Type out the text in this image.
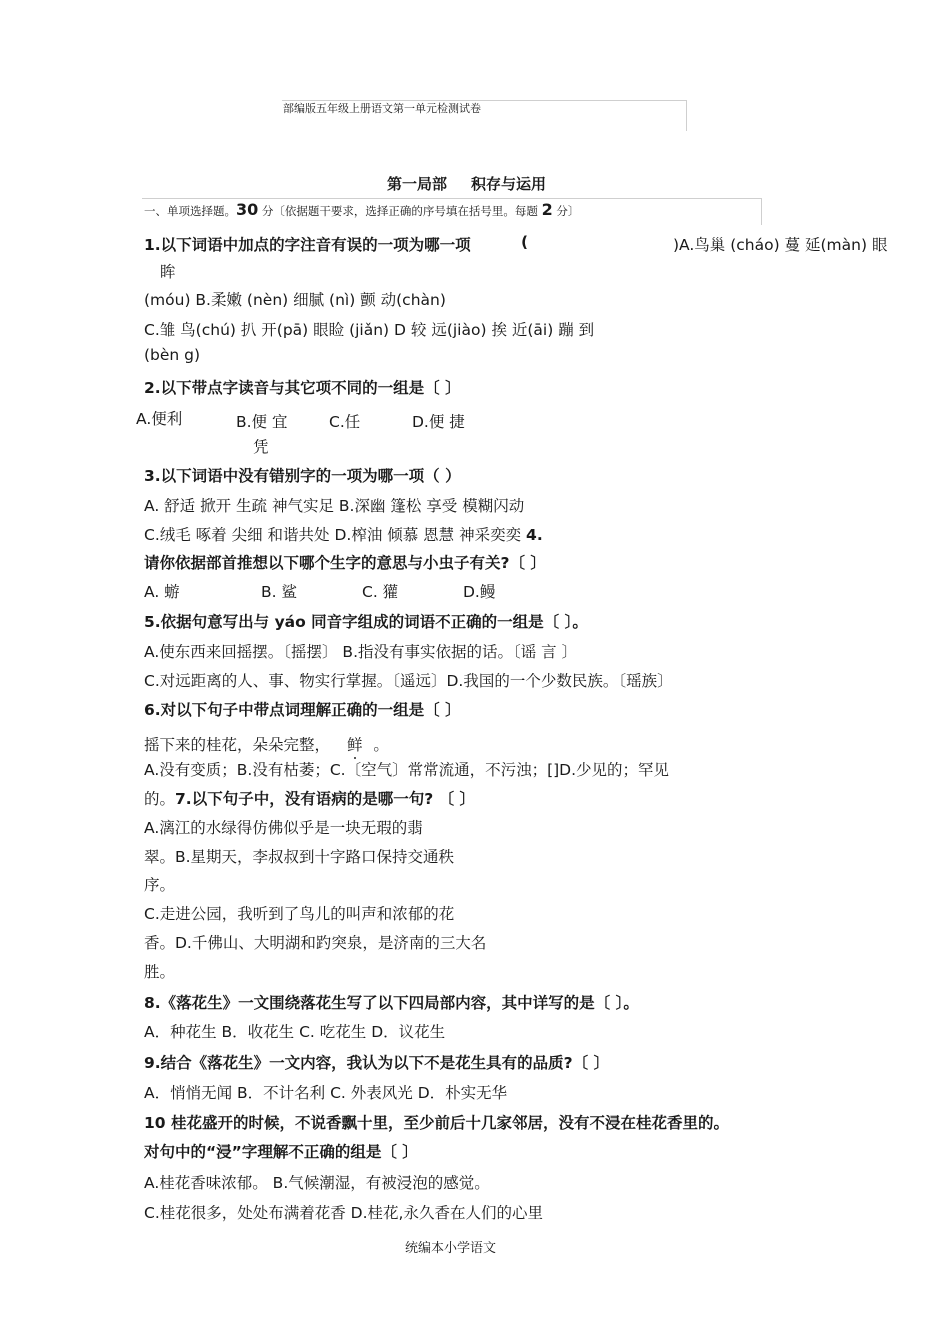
部编版五年级上册语文第一单元检测试卷
第一局部 积存与运用
一、单项选择题。30 分〔依据题干要求，选择正确的序号填在括号里。每题 2 分〕
1.以下词语中加点的字注音有误的一项为哪一项	(	)A.鸟巢 (cháo) 蔓 延(màn) 眼
眸
(móu) B.柔嫩 (nèn) 细腻 (nì) 颤 动(chàn)
C.雏 鸟(chú) 扒 开(pā) 眼睑 (jiǎn) D 较 远(jiào) 挨 近(āi) 蹦 到
(bèn g)
2.以下带点字读音与其它项不同的一组是〔 〕
A.便利	B.便 宜
凭
C.任	D.便 捷
3.以下词语中没有错别字的一项为哪一项（ ）
A. 舒适 掀开 生疏 神气实足 B.深幽 篷松 享受 模糊闪动
C.绒毛 啄着 尖细 和谐共处 D.榨油 倾慕 恩慧 神采奕奕 4.
请你依据部首推想以下哪个生字的意思与小虫子有关?〔 〕
A. 蝣	B. 鲨	C. 獾	D.鳗
5.依据句意写出与 yáo 同音字组成的词语不正确的一组是〔 〕。
A.使东西来回摇摆。〔摇摆〕 B.指没有事实依据的话。〔谣 言 〕
C.对远距离的人、事、物实行掌握。〔遥远〕D.我国的一个少数民族。〔瑶族〕
6.对以下句子中带点词理解正确的一组是〔 〕
摇下来的桂花，朵朵完整， 鲜 。
A.没有变质；B.没有枯萎；C.〔空气〕常常流通，不污浊；[]D.少见的；罕见
的。7.以下句子中，没有语病的是哪一句? 〔 〕
A.漓江的水绿得仿佛似乎是一块无瑕的翡
翠。B.星期天，李叔叔到十字路口保持交通秩
序。
C.走进公园，我听到了鸟儿的叫声和浓郁的花
香。D.千佛山、大明湖和趵突泉，是济南的三大名
胜。
8.《落花生》一文围绕落花生写了以下四局部内容，其中详写的是〔 〕。
A．种花生 B．收花生 C. 吃花生 D．议花生
9.结合《落花生》一文内容，我认为以下不是花生具有的品质?〔 〕
A．悄悄无闻 B．不计名利 C. 外表风光 D．朴实无华
10 桂花盛开的时候，不说香飘十里，至少前后十几家邻居，没有不浸在桂花香里的。
对句中的“浸”字理解不正确的组是〔 〕
A.桂花香味浓郁。 B.气候潮湿，有被浸泡的感觉。
C.桂花很多，处处布满着花香 D.桂花,永久香在人们的心里
统编本小学语文
